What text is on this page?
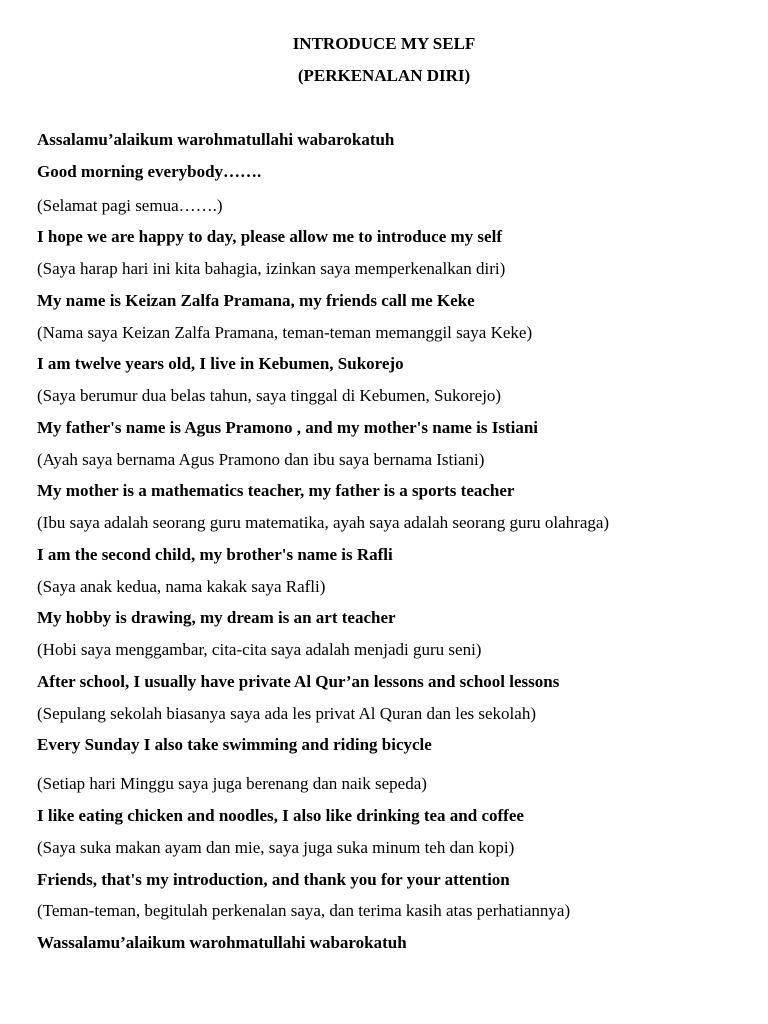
INTRODUCE MY SELF
(PERKENALAN DIRI)
Assalamu’alaikum warohmatullahi wabarokatuh
Good morning everybody…….
(Selamat pagi semua…….)
I hope we are happy to day, please allow me to introduce my self
(Saya harap hari ini kita bahagia, izinkan saya memperkenalkan diri)
My name is Keizan Zalfa Pramana, my friends call me Keke
(Nama saya Keizan Zalfa Pramana, teman-teman memanggil saya Keke)
I am twelve years old, I live in Kebumen, Sukorejo
(Saya berumur dua belas tahun, saya tinggal di Kebumen, Sukorejo)
My father's name is Agus Pramono , and my mother's name is Istiani
(Ayah saya bernama Agus Pramono dan ibu saya bernama Istiani)
My mother is a mathematics teacher, my father is a sports teacher
(Ibu saya adalah seorang guru matematika, ayah saya adalah seorang guru olahraga)
I am the second child, my brother's name is Rafli
(Saya anak kedua, nama kakak saya Rafli)
My hobby is drawing, my dream is an art teacher
(Hobi saya menggambar, cita-cita saya adalah menjadi guru seni)
After school, I usually have private Al Qur’an lessons and school lessons
(Sepulang sekolah biasanya saya ada les privat Al Quran dan les sekolah)
Every Sunday I also take swimming and riding bicycle
(Setiap hari Minggu saya juga berenang dan naik sepeda)
I like eating chicken and noodles, I also like drinking tea and coffee
(Saya suka makan ayam dan mie, saya juga suka minum teh dan kopi)
Friends, that's my introduction, and thank you for your attention
(Teman-teman, begitulah perkenalan saya, dan terima kasih atas perhatiannya)
Wassalamu’alaikum warohmatullahi wabarokatuh
